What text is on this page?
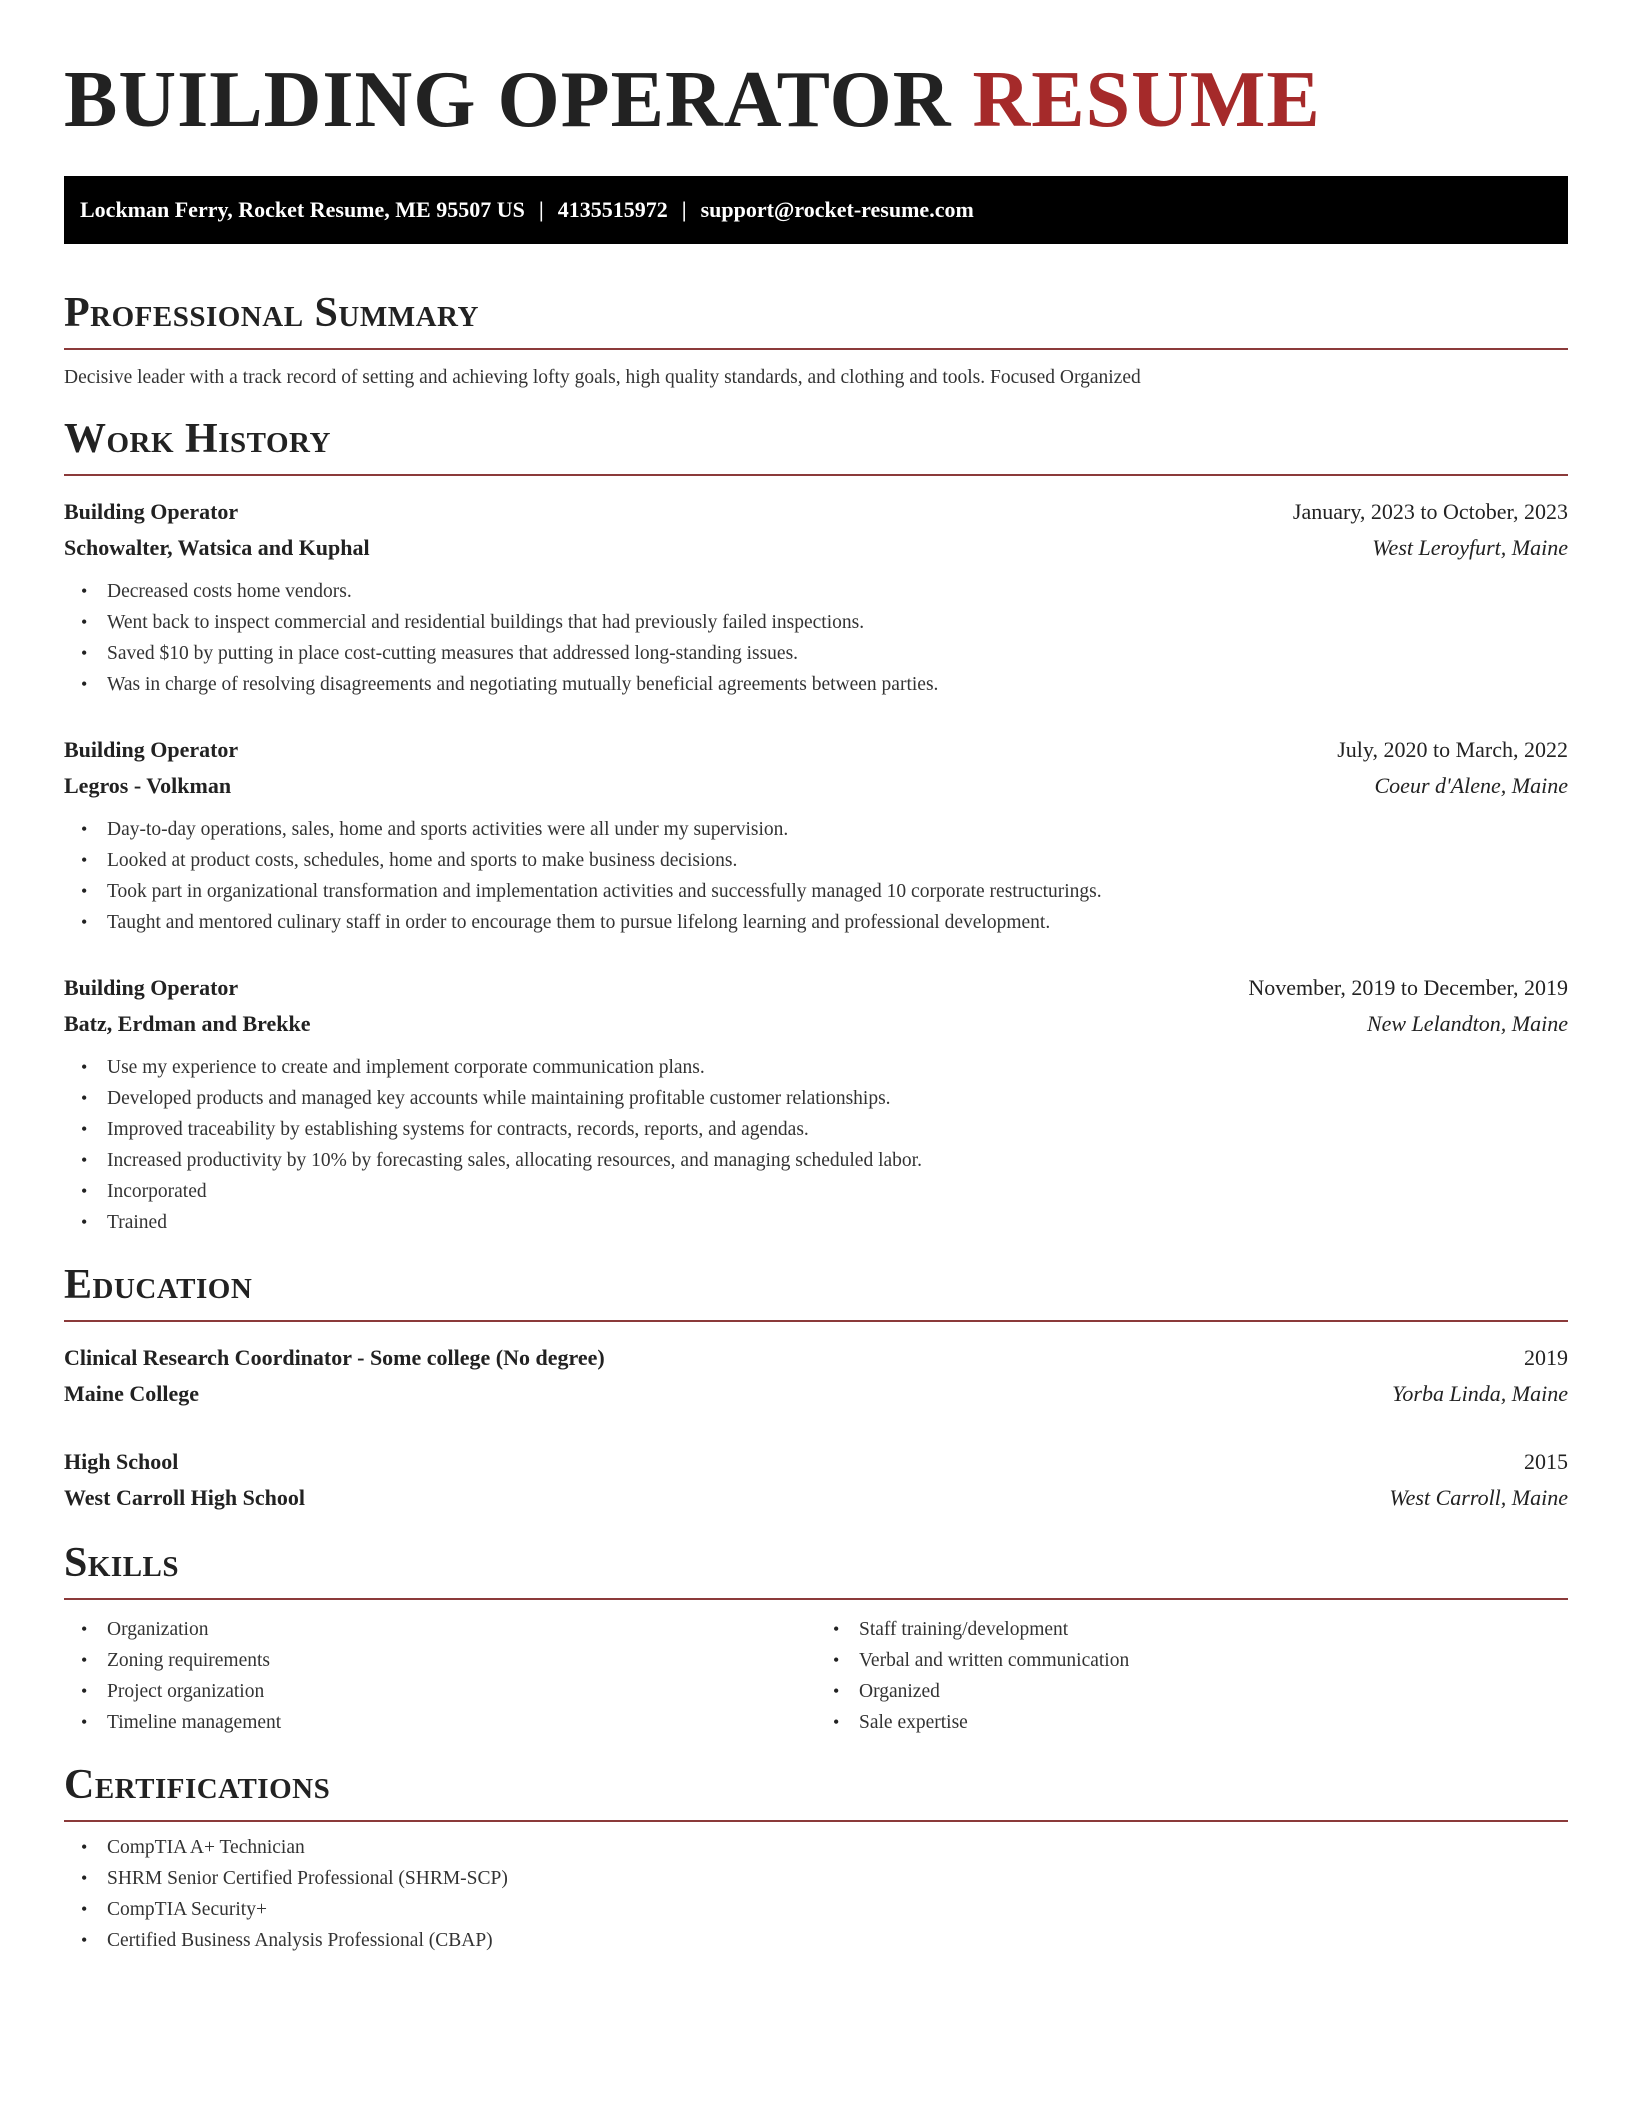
BUILDING OPERATOR RESUME
Lockman Ferry, Rocket Resume, ME 95507 US | 4135515972 | support@rocket-resume.com
Professional Summary
Decisive leader with a track record of setting and achieving lofty goals, high quality standards, and clothing and tools. Focused Organized
Work History
Building Operator	January, 2023 to October, 2023
Schowalter, Watsica and Kuphal	West Leroyfurt, Maine
• Decreased costs home vendors.
• Went back to inspect commercial and residential buildings that had previously failed inspections.
• Saved $10 by putting in place cost-cutting measures that addressed long-standing issues.
• Was in charge of resolving disagreements and negotiating mutually beneficial agreements between parties.
Building Operator	July, 2020 to March, 2022
Legros - Volkman	Coeur d'Alene, Maine
• Day-to-day operations, sales, home and sports activities were all under my supervision.
• Looked at product costs, schedules, home and sports to make business decisions.
• Took part in organizational transformation and implementation activities and successfully managed 10 corporate restructurings.
• Taught and mentored culinary staff in order to encourage them to pursue lifelong learning and professional development.
Building Operator	November, 2019 to December, 2019
Batz, Erdman and Brekke	New Lelandton, Maine
• Use my experience to create and implement corporate communication plans.
• Developed products and managed key accounts while maintaining profitable customer relationships.
• Improved traceability by establishing systems for contracts, records, reports, and agendas.
• Increased productivity by 10% by forecasting sales, allocating resources, and managing scheduled labor.
• Incorporated
• Trained
Education
Clinical Research Coordinator - Some college (No degree)	2019
Maine College	Yorba Linda, Maine
High School	2015
West Carroll High School	West Carroll, Maine
Skills
• Organization
• Zoning requirements
• Project organization
• Timeline management
• Staff training/development
• Verbal and written communication
• Organized
• Sale expertise
Certifications
• CompTIA A+ Technician
• SHRM Senior Certified Professional (SHRM-SCP)
• CompTIA Security+
• Certified Business Analysis Professional (CBAP)
